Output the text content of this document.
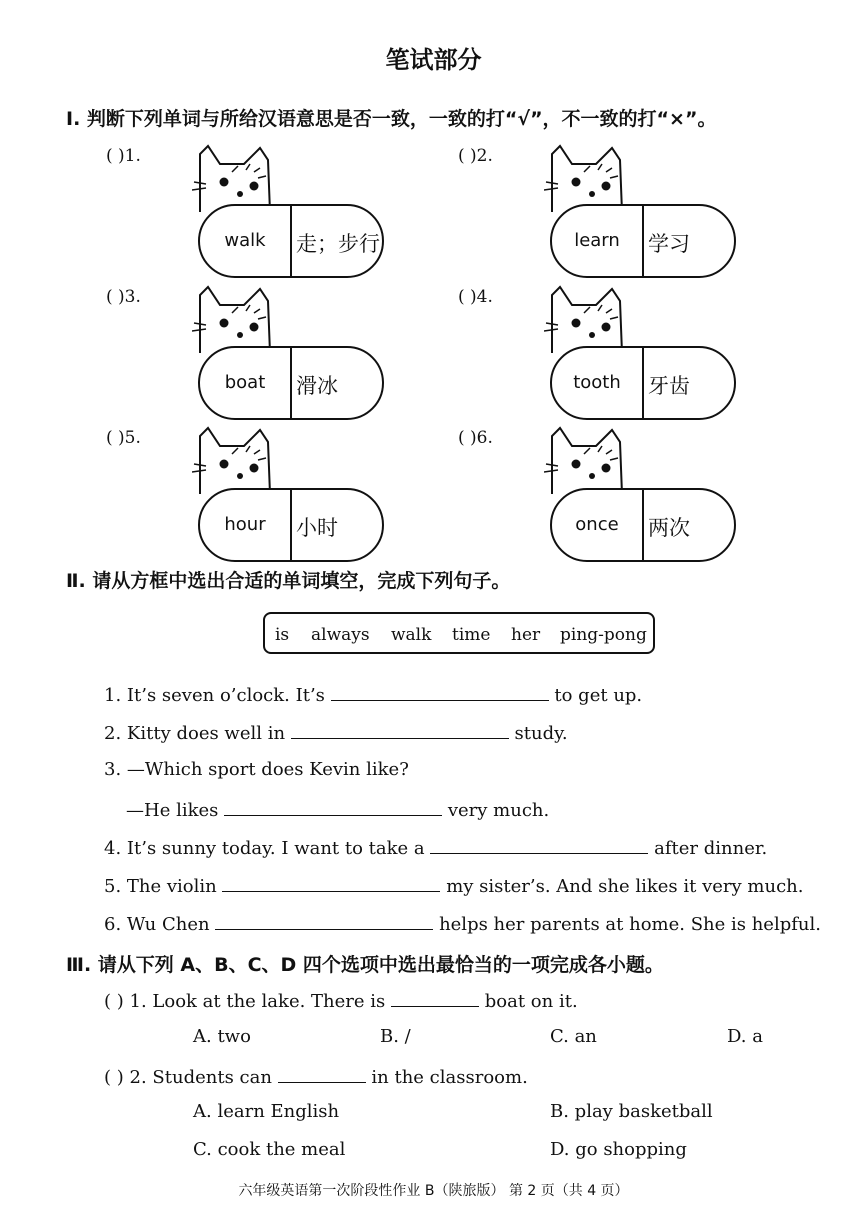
笔试部分
Ⅰ. 判断下列单词与所给汉语意思是否一致，一致的打“√”，不一致的打“×”。
( )1.
walk	走；步行
( )2.
learn	学习
( )3.
boat	滑冰
( )4.
tooth	牙齿
( )5.
hour	小时
( )6.
once	两次
Ⅱ. 请从方框中选出合适的单词填空，完成下列句子。
is always walk time her ping-pong
1. It’s seven o’clock. It’s	to get up.
2. Kitty does well in	study.
3. —Which sport does Kevin like?
—He likes	very much.
4. It’s sunny today. I want to take a	after dinner.
5. The violin	my sister’s. And she likes it very much.
6. Wu Chen	helps her parents at home. She is helpful.
Ⅲ. 请从下列 A、B、C、D 四个选项中选出最恰当的一项完成各小题。
( ) 1. Look at the lake. There is	boat on it.
A. two	B. /	C. an	D. a
( ) 2. Students can	in the classroom.
A. learn English	B. play basketball
C. cook the meal	D. go shopping
六年级英语第一次阶段性作业 B（陕旅版） 第 2 页（共 4 页）
